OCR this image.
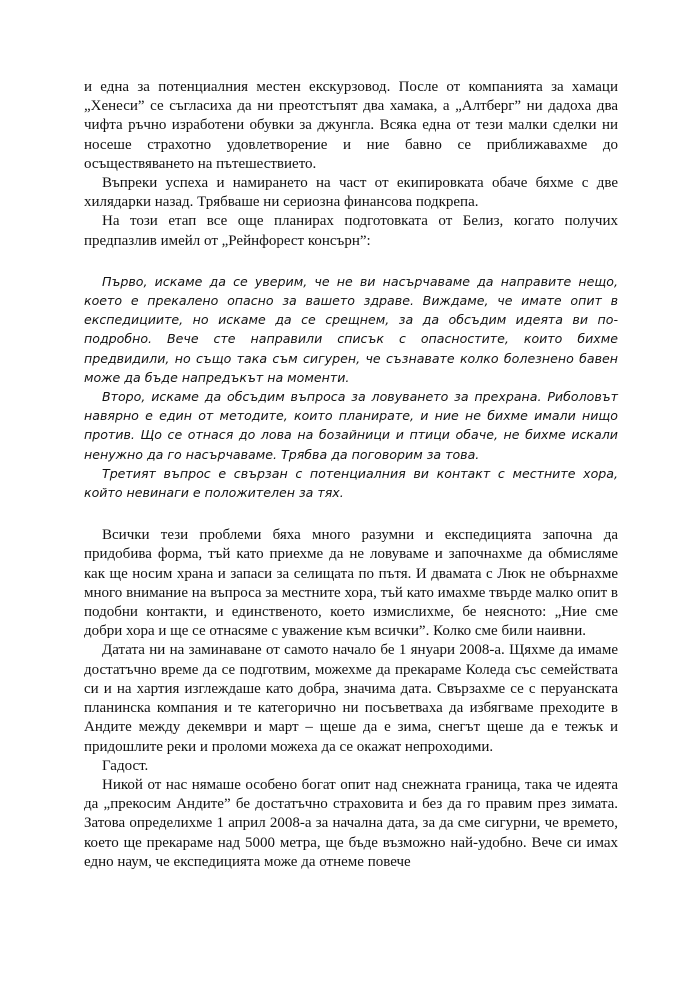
и една за потенциалния местен екскурзовод. После от компанията за хамаци „Хенеси” се съгласиха да ни преотстъпят два хамака, а „Алтберг” ни дадоха два чифта ръчно изработени обувки за джунгла. Всяка една от тези малки сделки ни носеше страхотно удовлетворение и ние бавно се приближавахме до осъществяването на пътешествието.

Въпреки успеха и намирането на част от екипировката обаче бяхме с две хилядарки назад. Трябваше ни сериозна финансова подкрепа.

На този етап все още планирах подготовката от Белиз, когато получих предпазлив имейл от „Рейнфорест консърн”:

Първо, искаме да се уверим, че не ви насърчаваме да направите нещо, което е прекалено опасно за вашето здраве. Виждаме, че имате опит в експедициите, но искаме да се срещнем, за да обсъдим идеята ви по-подробно. Вече сте направили списък с опасностите, които бихме предвидили, но също така съм сигурен, че съзнавате колко болезнено бавен може да бъде напредъкът на моменти.

Второ, искаме да обсъдим въпроса за ловуването за прехрана. Риболовът навярно е един от методите, които планирате, и ние не бихме имали нищо против. Що се отнася до лова на бозайници и птици обаче, не бихме искали ненужно да го насърчаваме. Трябва да поговорим за това.

Третият въпрос е свързан с потенциалния ви контакт с местните хора, който невинаги е положителен за тях.

Всички тези проблеми бяха много разумни и експедицията започна да придобива форма, тъй като приехме да не ловуваме и започнахме да обмисляме как ще носим храна и запаси за селищата по пътя. И двамата с Люк не обърнахме много внимание на въпроса за местните хора, тъй като имахме твърде малко опит в подобни контакти, и единственото, което измислихме, бе неясното: „Ние сме добри хора и ще се отнасяме с уважение към всички”. Колко сме били наивни.

Датата ни на заминаване от самото начало бе 1 януари 2008-а. Щяхме да имаме достатъчно време да се подготвим, можехме да прекараме Коледа със семействата си и на хартия изглеждаше като добра, значима дата. Свързахме се с перуанската планинска компания и те категорично ни посъветваха да избягваме преходите в Андите между декември и март – щеше да е зима, снегът щеше да е тежък и придошлите реки и проломи можеха да се окажат непроходими.

Гадост.

Никой от нас нямаше особено богат опит над снежната граница, така че идеята да „прекосим Андите” бе достатъчно страховита и без да го правим през зимата. Затова определихме 1 април 2008-а за начална дата, за да сме сигурни, че времето, което ще прекараме над 5000 метра, ще бъде възможно най-удобно. Вече си имах едно наум, че експедицията може да отнеме повече
